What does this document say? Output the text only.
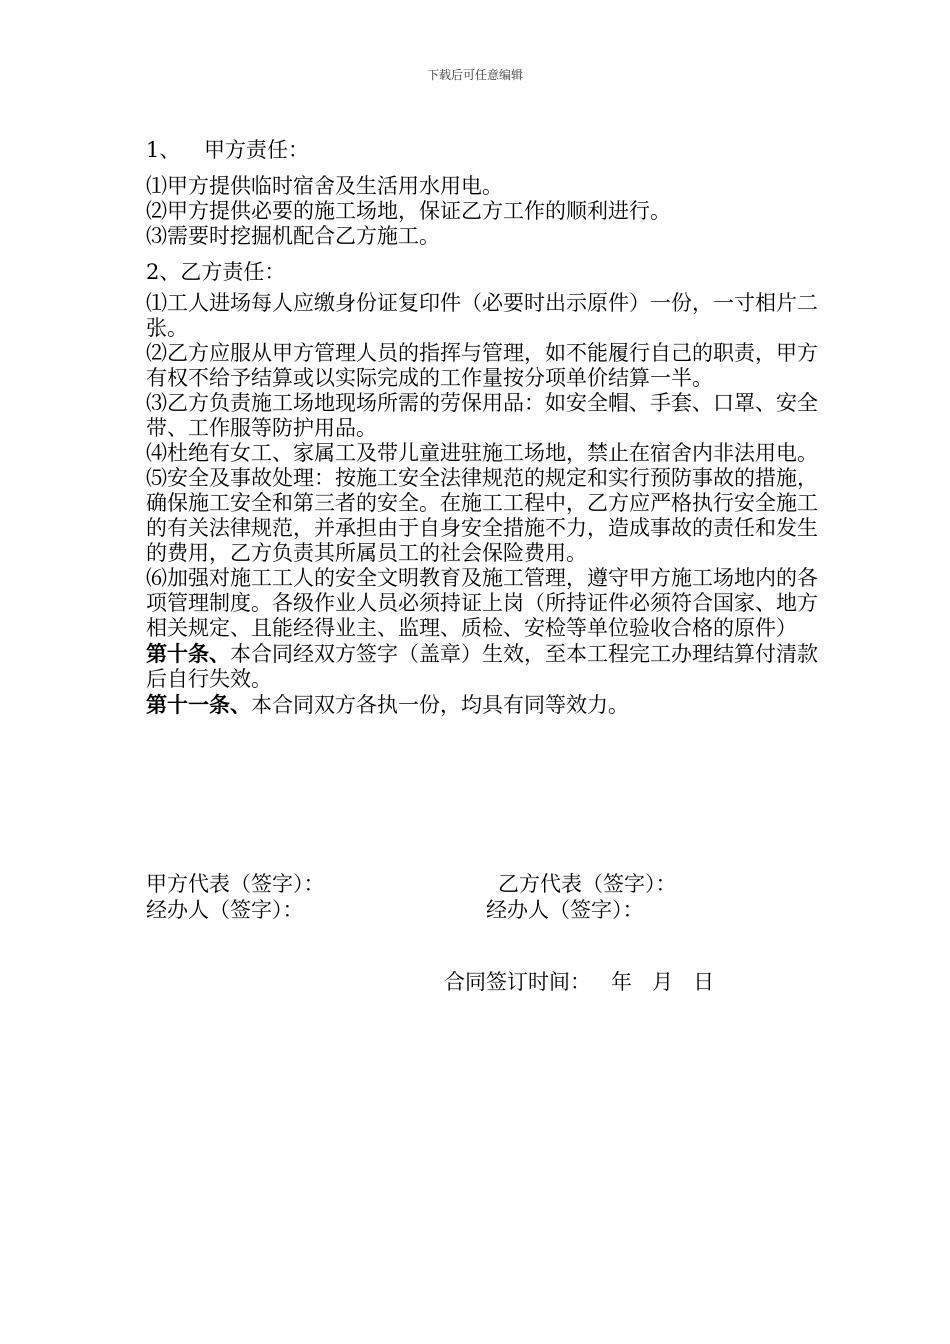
下载后可任意编辑

1、 甲方责任：

⑴甲方提供临时宿舍及生活用水用电。

⑵甲方提供必要的施工场地，保证乙方工作的顺利进行。

⑶需要时挖掘机配合乙方施工。

2、乙方责任：

⑴工人进场每人应缴身份证复印件（必要时出示原件）一份，一寸相片二张。

⑵乙方应服从甲方管理人员的指挥与管理，如不能履行自己的职责，甲方有权不给予结算或以实际完成的工作量按分项单价结算一半。

⑶乙方负责施工场地现场所需的劳保用品：如安全帽、手套、口罩、安全带、工作服等防护用品。

⑷杜绝有女工、家属工及带儿童进驻施工场地，禁止在宿舍内非法用电。

⑸安全及事故处理：按施工安全法律规范的规定和实行预防事故的措施，确保施工安全和第三者的安全。在施工工程中，乙方应严格执行安全施工的有关法律规范，并承担由于自身安全措施不力，造成事故的责任和发生的费用，乙方负责其所属员工的社会保险费用。

⑹加强对施工工人的安全文明教育及施工管理，遵守甲方施工场地内的各项管理制度。各级作业人员必须持证上岗（所持证件必须符合国家、地方相关规定、且能经得业主、监理、质检、安检等单位验收合格的原件）

第十条、本合同经双方签字（盖章）生效，至本工程完工办理结算付清款后自行失效。

第十一条、本合同双方各执一份，均具有同等效力。

甲方代表（签字）：	乙方代表（签字）：
经办人（签字）：	经办人（签字）：
合同签订时间： 年 月 日
